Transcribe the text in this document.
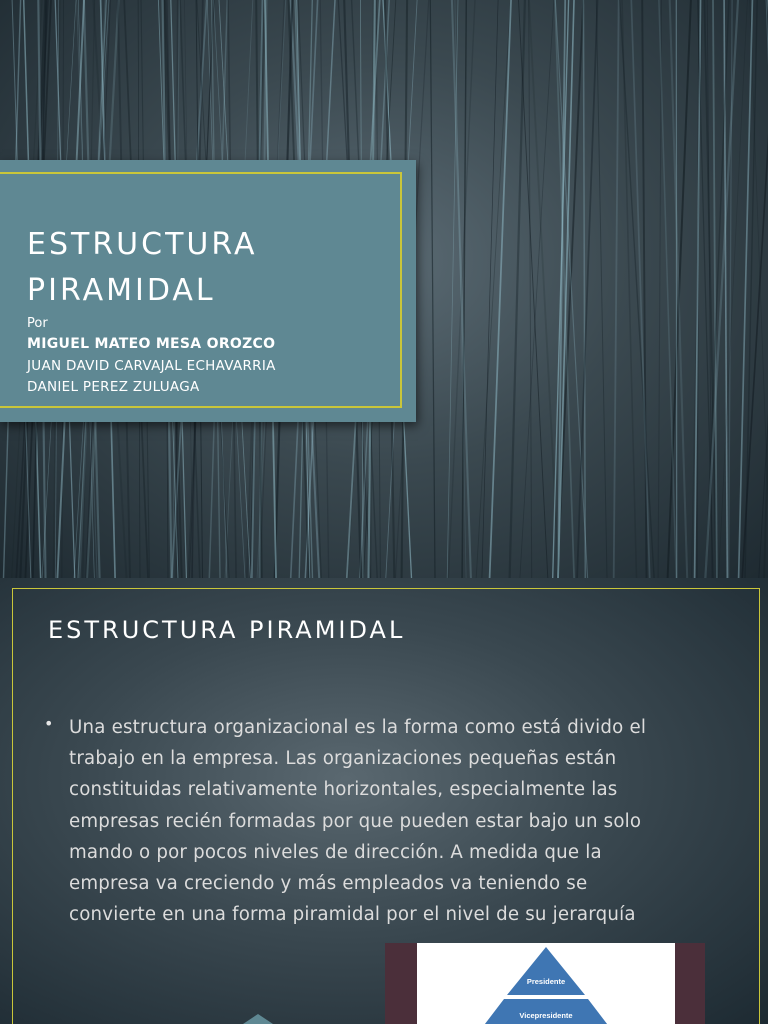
ESTRUCTURA
PIRAMIDAL
Por
MIGUEL MATEO MESA OROZCO
JUAN DAVID CARVAJAL ECHAVARRIA
DANIEL PEREZ ZULUAGA
ESTRUCTURA PIRAMIDAL
• Una estructura organizacional es la forma como está divido el
trabajo en la empresa. Las organizaciones pequeñas están
constituidas relativamente horizontales, especialmente las
empresas recién formadas por que pueden estar bajo un solo
mando o por pocos niveles de dirección. A medida que la
empresa va creciendo y más empleados va teniendo se
convierte en una forma piramidal por el nivel de su jerarquía
Presidente
Vicepresidente
